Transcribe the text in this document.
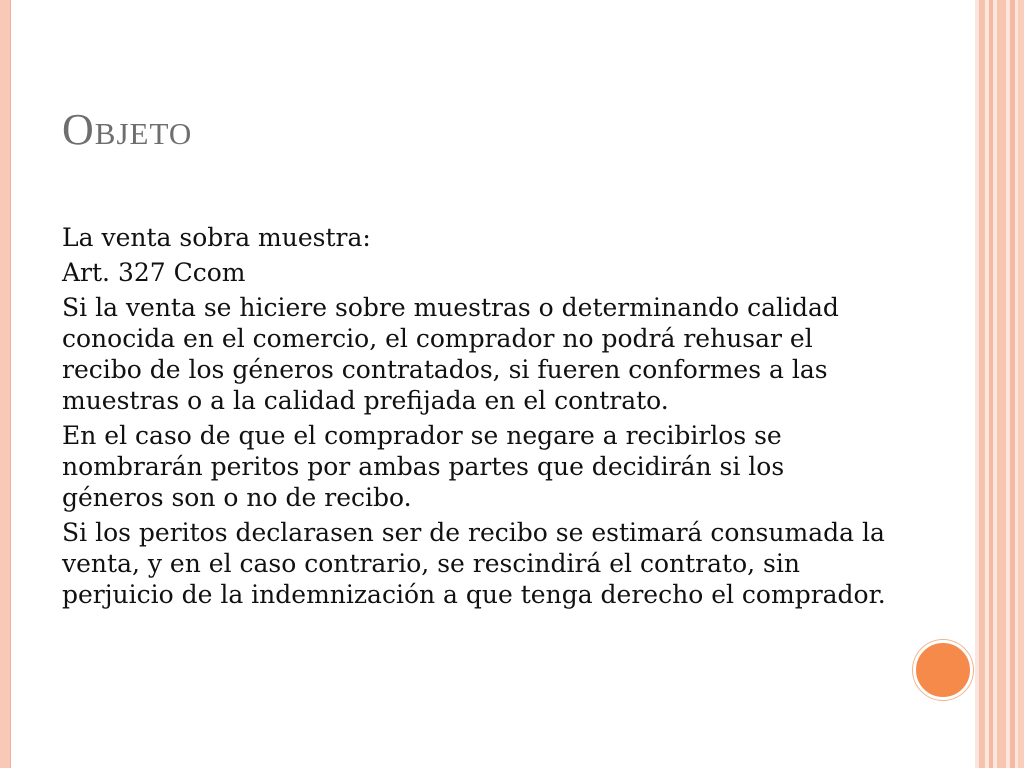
Objeto

La venta sobra muestra:

Art. 327 Ccom

Si la venta se hiciere sobre muestras o determinando calidad conocida en el comercio, el comprador no podrá rehusar el recibo de los géneros contratados, si fueren conformes a las muestras o a la calidad prefijada en el contrato.

En el caso de que el comprador se negare a recibirlos se nombrarán peritos por ambas partes que decidirán si los géneros son o no de recibo.

Si los peritos declarasen ser de recibo se estimará consumada la venta, y en el caso contrario, se rescindirá el contrato, sin perjuicio de la indemnización a que tenga derecho el comprador.
